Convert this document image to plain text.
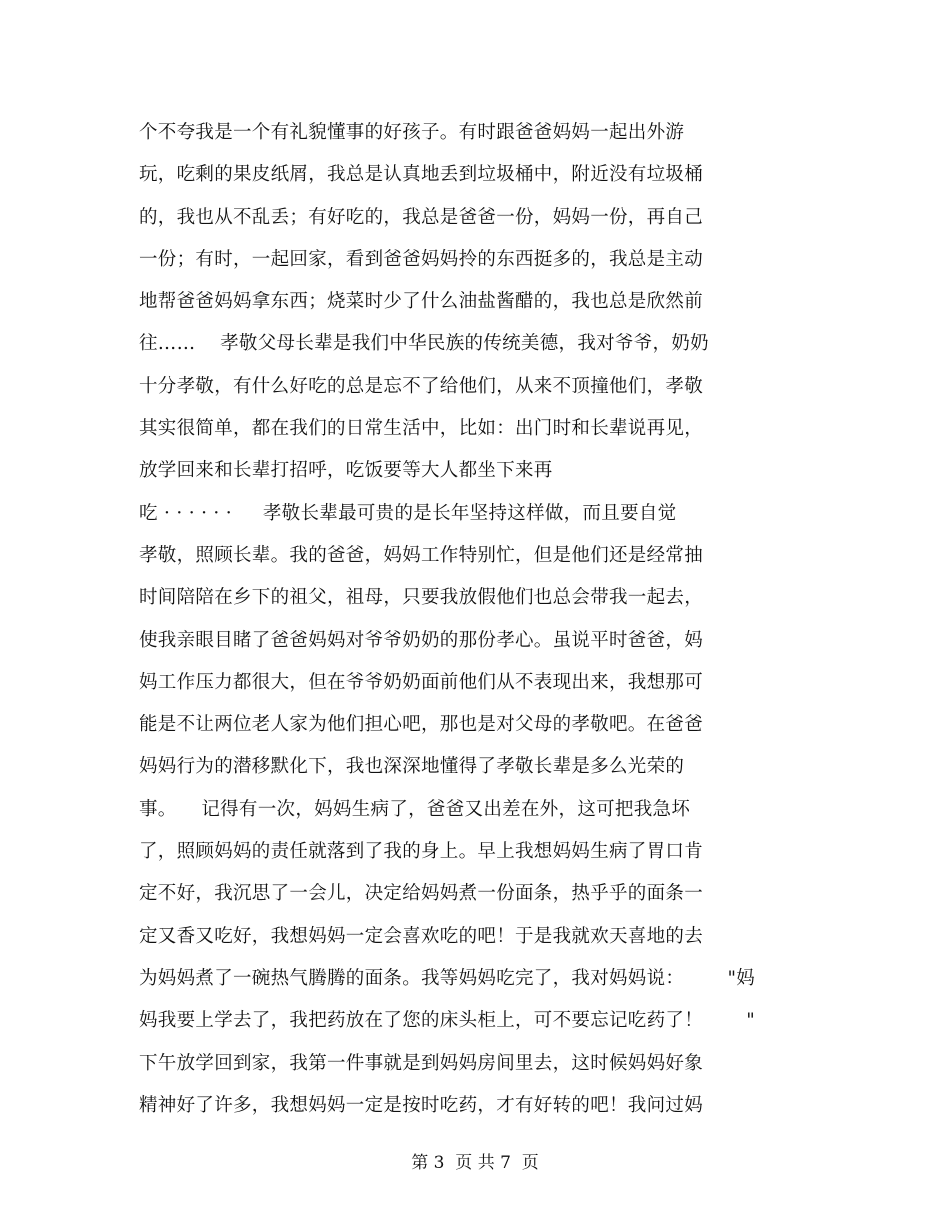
个不夸我是一个有礼貌懂事的好孩子。有时跟爸爸妈妈一起出外游
玩，吃剩的果皮纸屑，我总是认真地丢到垃圾桶中，附近没有垃圾桶
的，我也从不乱丢；有好吃的，我总是爸爸一份，妈妈一份，再自己
一份；有时，一起回家，看到爸爸妈妈拎的东西挺多的，我总是主动
地帮爸爸妈妈拿东西；烧菜时少了什么油盐酱醋的，我也总是欣然前
往……    孝敬父母长辈是我们中华民族的传统美德，我对爷爷，奶奶
十分孝敬，有什么好吃的总是忘不了给他们，从来不顶撞他们，孝敬
其实很简单，都在我们的日常生活中，比如：出门时和长辈说再见，
放学回来和长辈打招呼，吃饭要等大人都坐下来再
吃 · · · · · ·     孝敬长辈最可贵的是长年坚持这样做，而且要自觉
孝敬，照顾长辈。我的爸爸，妈妈工作特别忙，但是他们还是经常抽
时间陪陪在乡下的祖父，祖母，只要我放假他们也总会带我一起去，
使我亲眼目睹了爸爸妈妈对爷爷奶奶的那份孝心。虽说平时爸爸，妈
妈工作压力都很大，但在爷爷奶奶面前他们从不表现出来，我想那可
能是不让两位老人家为他们担心吧，那也是对父母的孝敬吧。在爸爸
妈妈行为的潜移默化下，我也深深地懂得了孝敬长辈是多么光荣的
事。    记得有一次，妈妈生病了，爸爸又出差在外，这可把我急坏
了，照顾妈妈的责任就落到了我的身上。早上我想妈妈生病了胃口肯
定不好，我沉思了一会儿，决定给妈妈煮一份面条，热乎乎的面条一
定又香又吃好，我想妈妈一定会喜欢吃的吧！于是我就欢天喜地的去
为妈妈煮了一碗热气腾腾的面条。我等妈妈吃完了，我对妈妈说：       "妈
妈我要上学去了，我把药放在了您的床头柜上，可不要忘记吃药了！       "
下午放学回到家，我第一件事就是到妈妈房间里去，这时候妈妈好象
精神好了许多，我想妈妈一定是按时吃药，才有好转的吧！我问过妈
第 3  页 共 7  页
